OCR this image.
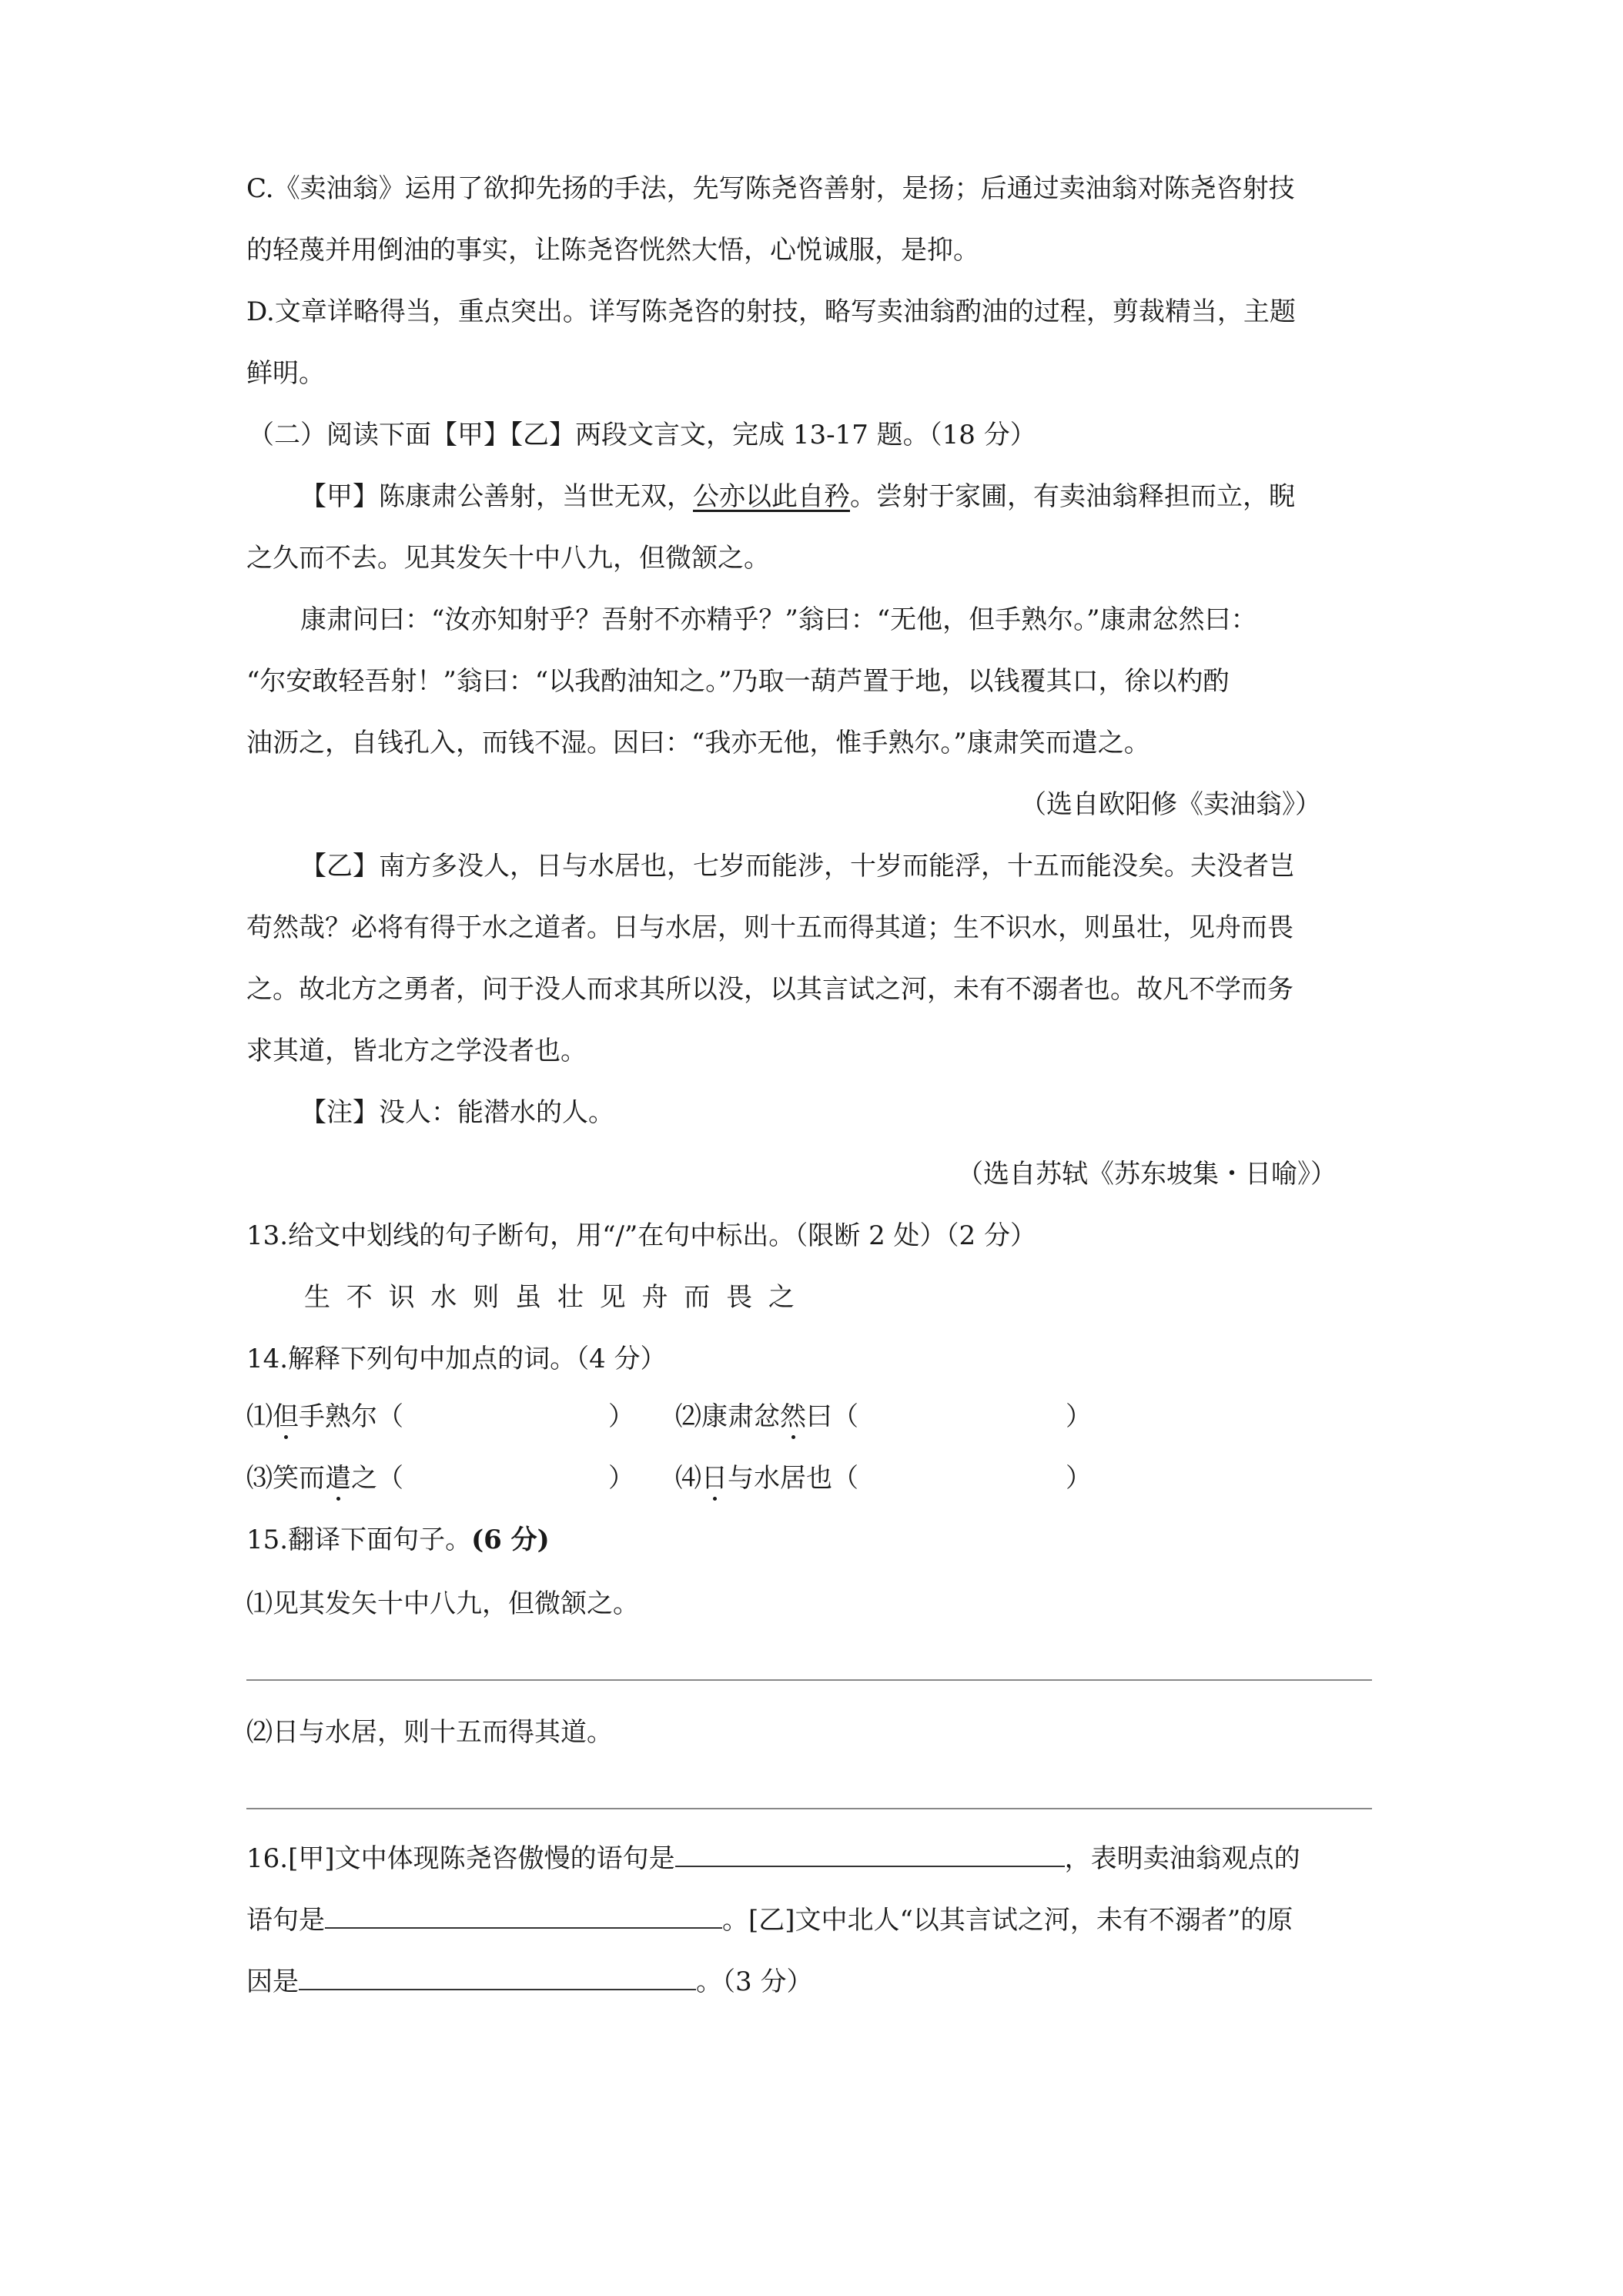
C.《卖油翁》运用了欲抑先扬的手法，先写陈尧咨善射，是扬；后通过卖油翁对陈尧咨射技
的轻蔑并用倒油的事实，让陈尧咨恍然大悟，心悦诚服，是抑。
D.文章详略得当，重点突出。详写陈尧咨的射技，略写卖油翁酌油的过程，剪裁精当，主题
鲜明。
（二）阅读下面【甲】【乙】两段文言文，完成 13-17 题。（18 分）
【甲】陈康肃公善射，当世无双，公亦以此自矜。尝射于家圃，有卖油翁释担而立，睨
之久而不去。见其发矢十中八九，但微颔之。
康肃问曰：“汝亦知射乎？吾射不亦精乎？”翁曰：“无他，但手熟尔。”康肃忿然曰：
“尔安敢轻吾射！”翁曰：“以我酌油知之。”乃取一葫芦置于地，以钱覆其口，徐以杓酌
油沥之，自钱孔入，而钱不湿。因曰：“我亦无他，惟手熟尔。”康肃笑而遣之。
（选自欧阳修《卖油翁》）
【乙】南方多没人，日与水居也，七岁而能涉，十岁而能浮，十五而能没矣。夫没者岂
苟然哉？必将有得于水之道者。日与水居，则十五而得其道；生不识水，则虽壮，见舟而畏
之。故北方之勇者，问于没人而求其所以没，以其言试之河，未有不溺者也。故凡不学而务
求其道，皆北方之学没者也。
【注】没人：能潜水的人。
（选自苏轼《苏东坡集・日喻》）
13.给文中划线的句子断句，用“/”在句中标出。（限断 2 处）（2 分）
生 不 识 水 则 虽 壮 见 舟 而 畏 之
14.解释下列句中加点的词。（4 分）
⑴但手熟尔（	） ⑵康肃忿然曰（	）
⑶笑而遣之（	） ⑷日与水居也（	）
15.翻译下面句子。(6 分)
⑴见其发矢十中八九，但微颔之。
⑵日与水居，则十五而得其道。
16.[甲]文中体现陈尧咨傲慢的语句是	，表明卖油翁观点的
语句是	。[乙]文中北人“以其言试之河，未有不溺者”的原
因是	。（3 分）
